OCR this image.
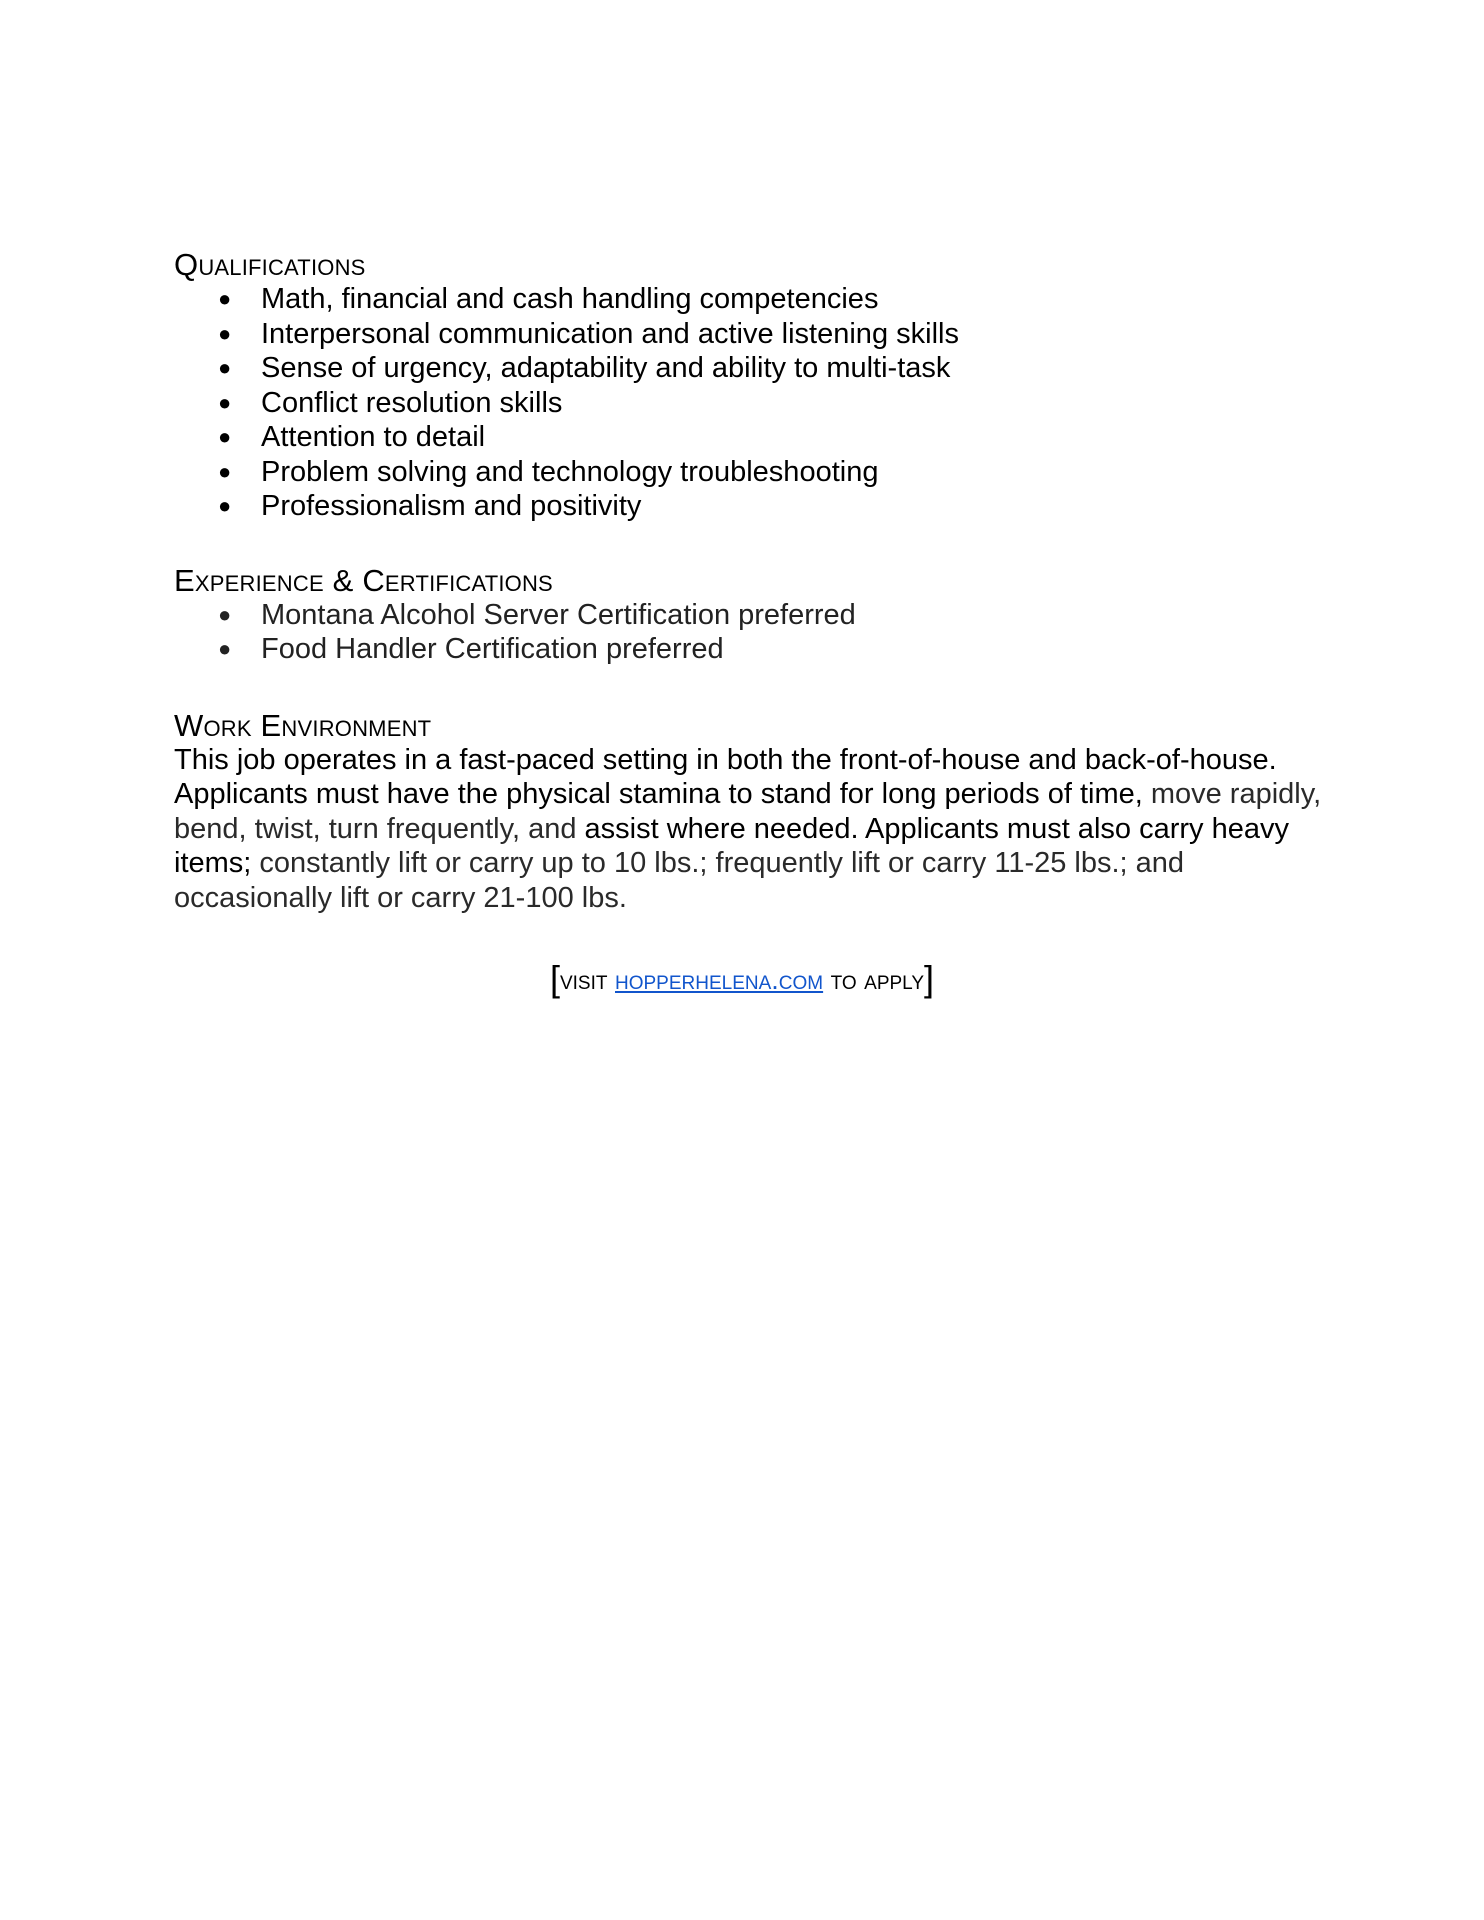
Qualifications
● Math, financial and cash handling competencies
● Interpersonal communication and active listening skills
● Sense of urgency, adaptability and ability to multi-task
● Conflict resolution skills
● Attention to detail
● Problem solving and technology troubleshooting
● Professionalism and positivity
Experience & Certifications
● Montana Alcohol Server Certification preferred
● Food Handler Certification preferred
Work Environment

This job operates in a fast-paced setting in both the front-of-house and back-of-house. Applicants must have the physical stamina to stand for long periods of time, move rapidly, bend, twist, turn frequently, and assist where needed. Applicants must also carry heavy items; constantly lift or carry up to 10 lbs.; frequently lift or carry 11-25 lbs.; and occasionally lift or carry 21-100 lbs.

[visit hopperhelena.com to apply]
